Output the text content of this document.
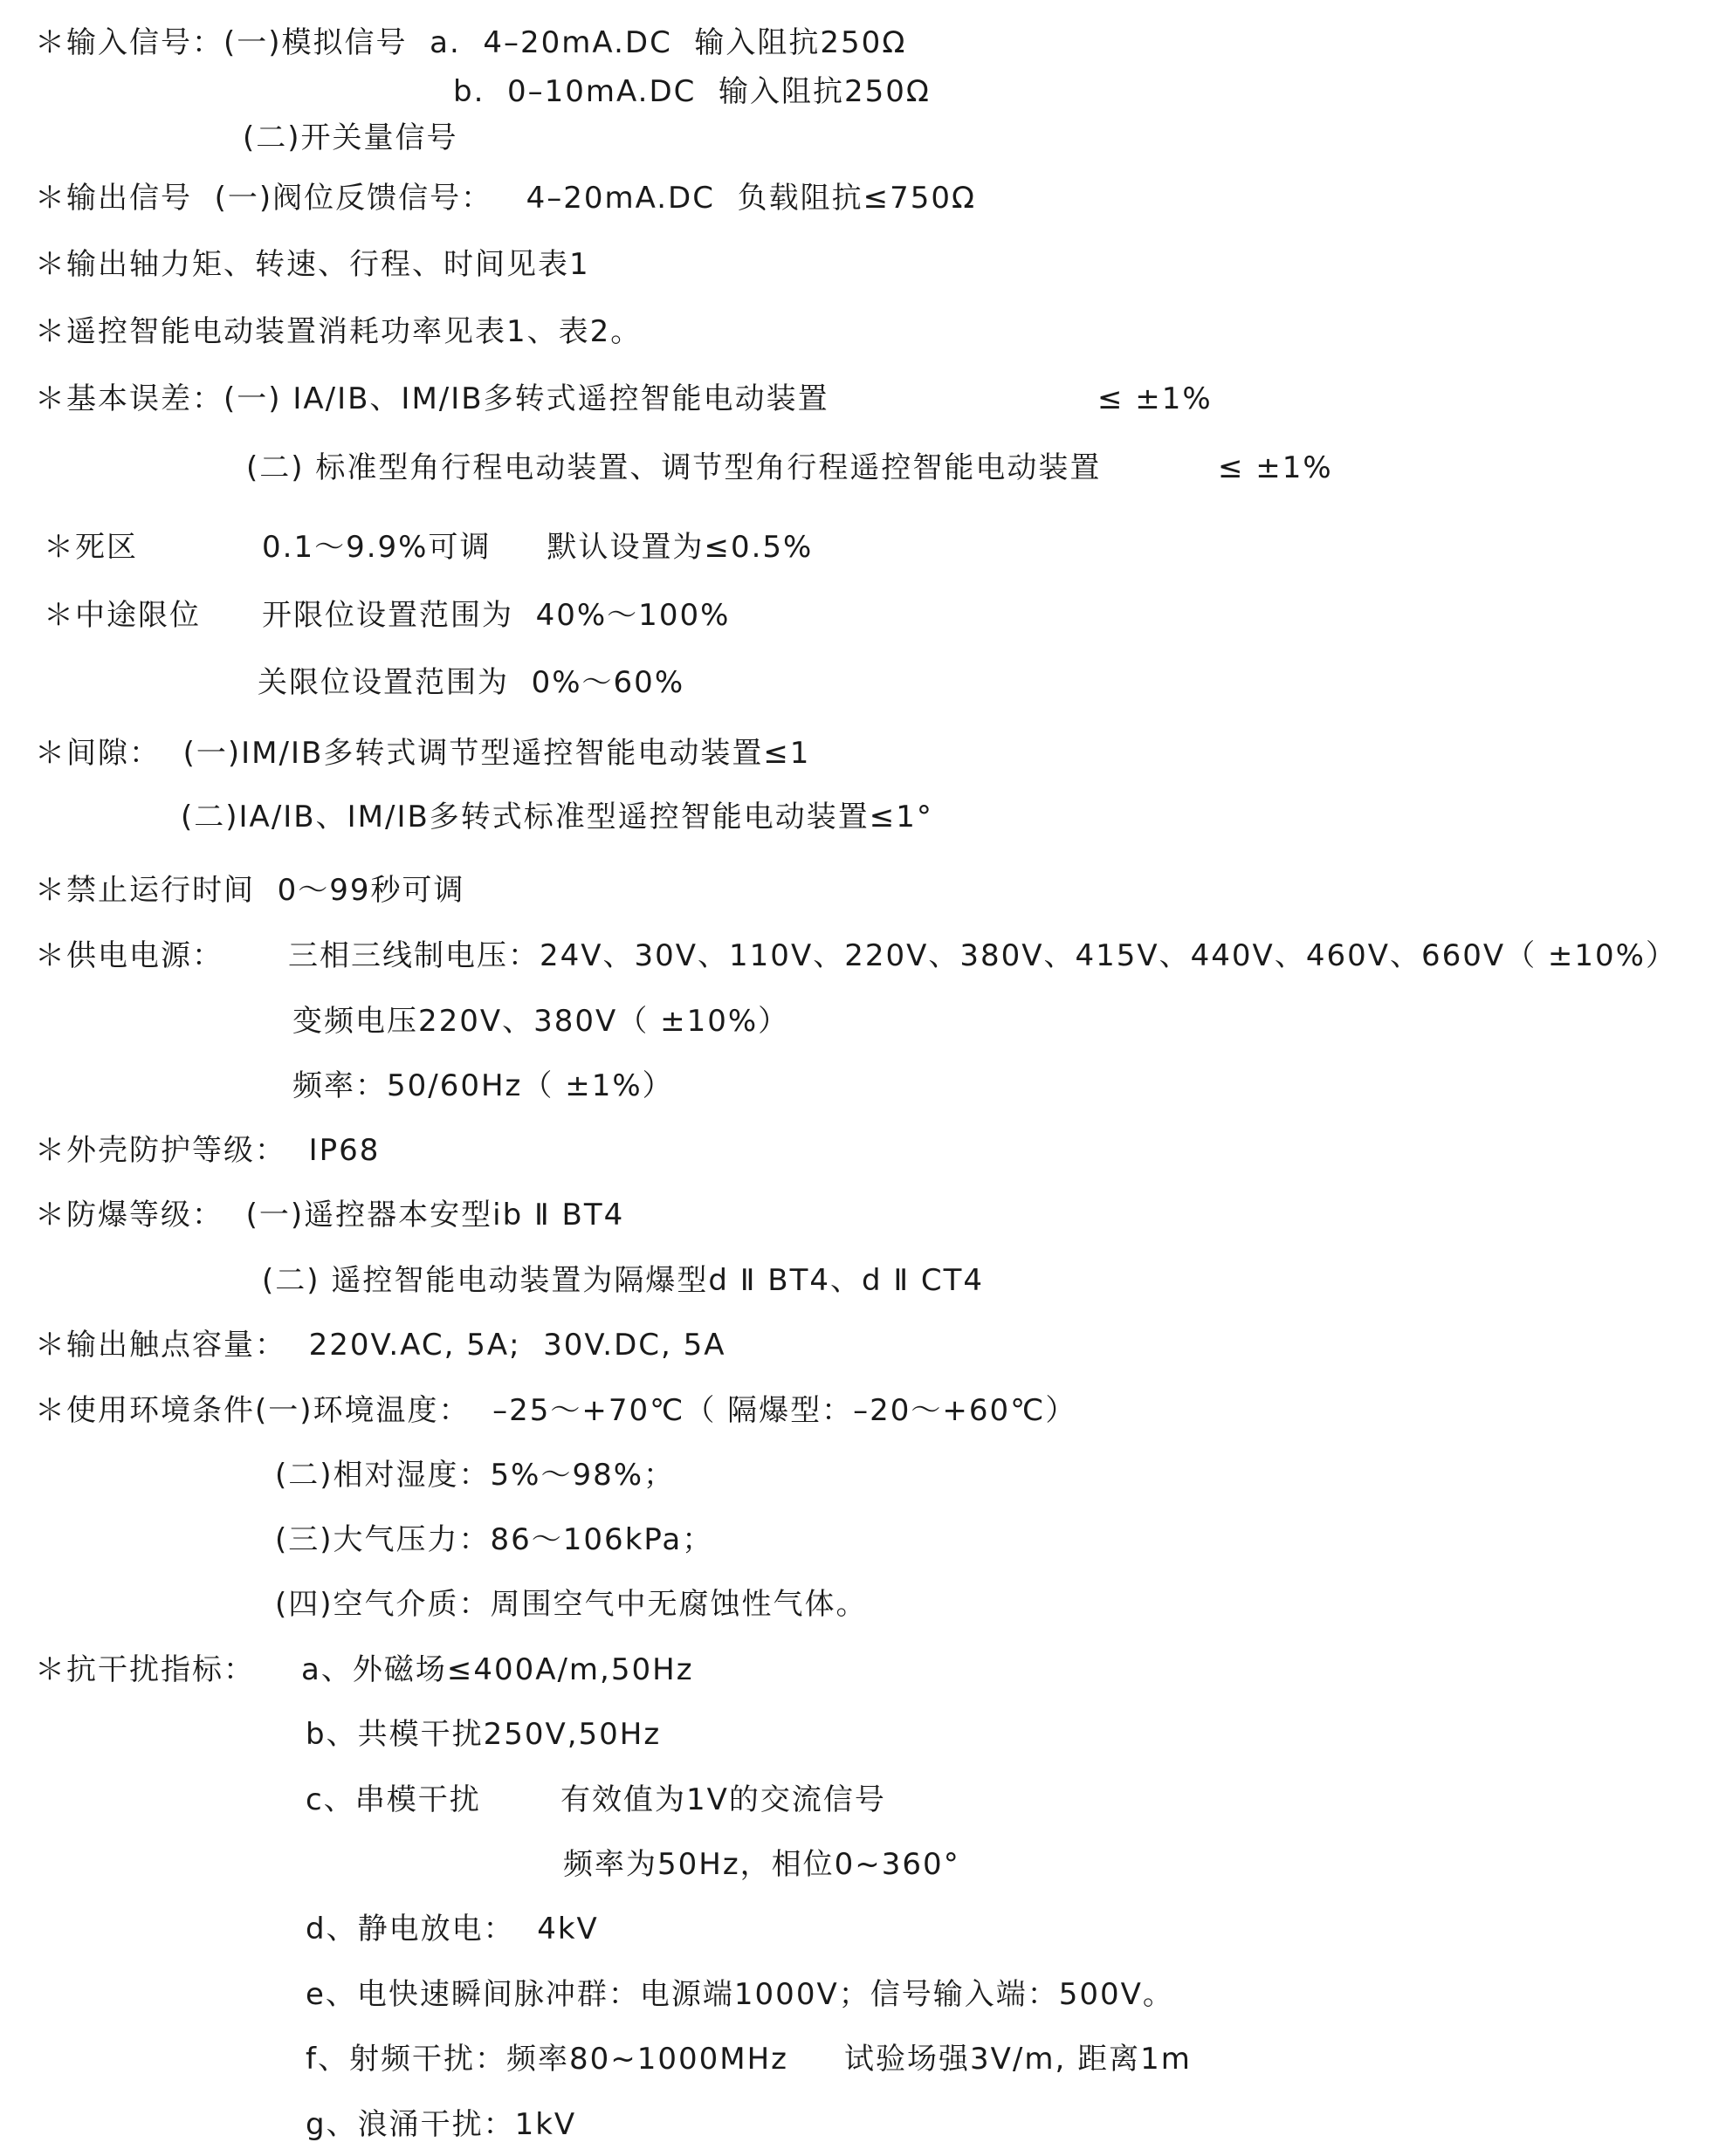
＊输入信号：(一)模拟信号  a.  4–20mA.DC  输入阻抗250Ω
b.  0–10mA.DC  输入阻抗250Ω
(二)开关量信号
＊输出信号  (一)阀位反馈信号：   4–20mA.DC  负载阻抗≤750Ω
＊输出轴力矩、转速、行程、时间见表1
＊遥控智能电动装置消耗功率见表1、表2。
＊基本误差：(一) IA/IB、IM/IB多转式遥控智能电动装置	≤ ±1%
(二) 标准型角行程电动装置、调节型角行程遥控智能电动装置	≤ ±1%
＊死区	0.1～9.9%可调     默认设置为≤0.5%
＊中途限位 开限位设置范围为  40%～100%
关限位设置范围为  0%～60%
＊间隙：  (一)IM/IB多转式调节型遥控智能电动装置≤1
(二)IA/IB、IM/IB多转式标准型遥控智能电动装置≤1°
＊禁止运行时间  0～99秒可调
＊供电电源： 三相三线制电压：24V、30V、110V、220V、380V、415V、440V、460V、660V（ ±10%）
变频电压220V、380V（ ±10%）
频率：50/60Hz（ ±1%）
＊外壳防护等级：  IP68
＊防爆等级：  (一)遥控器本安型ib Ⅱ BT4
(二) 遥控智能电动装置为隔爆型d Ⅱ BT4、d Ⅱ CT4
＊输出触点容量：  220V.AC, 5A;  30V.DC, 5A
＊使用环境条件(一)环境温度：  –25～+70℃（ 隔爆型：–20～+60℃）
(二)相对湿度：5%～98%；
(三)大气压力：86～106kPa；
(四)空气介质：周围空气中无腐蚀性气体。
＊抗干扰指标： a、外磁场≤400A/m,50Hz
b、共模干扰250V,50Hz
c、串模干扰	有效值为1V的交流信号
频率为50Hz，相位0~360°
d、静电放电：  4kV
e、电快速瞬间脉冲群：电源端1000V；信号输入端：500V。
f、射频干扰：频率80~1000MHz     试验场强3V/m, 距离1m
g、浪涌干扰：1kV
